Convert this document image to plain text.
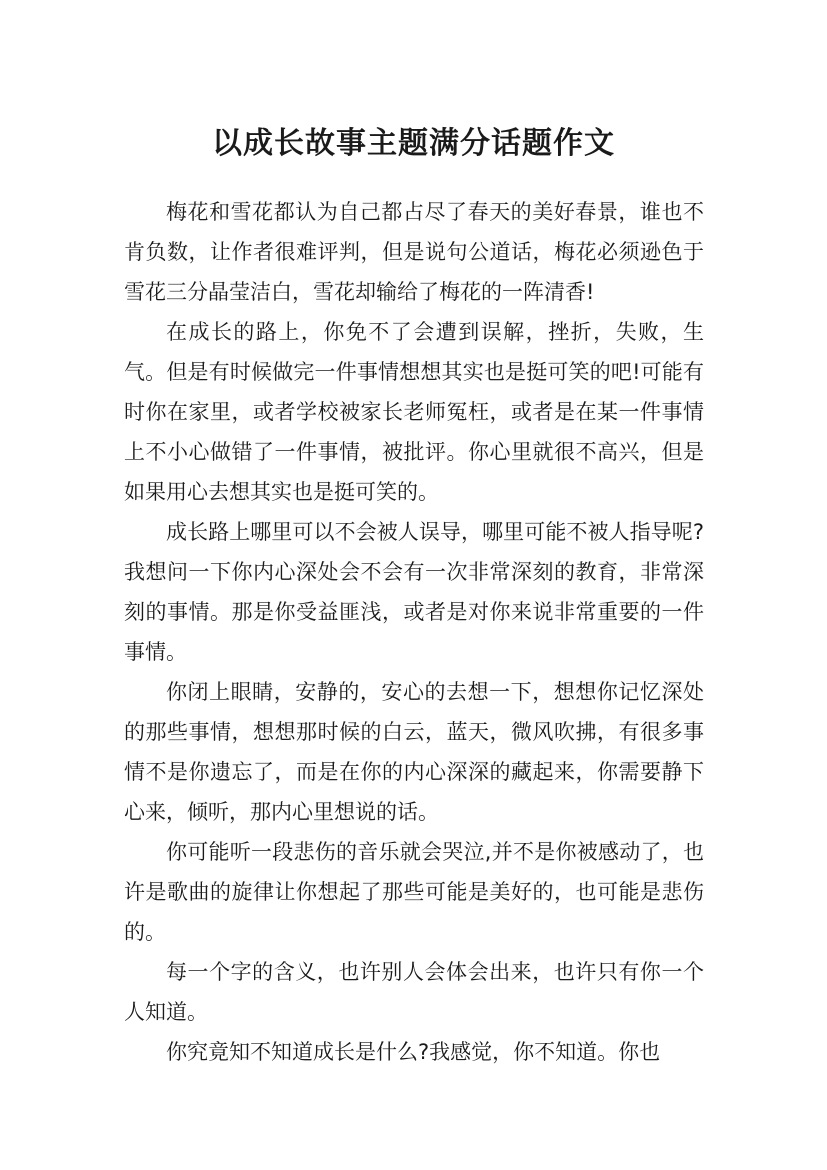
以成长故事主题满分话题作文

梅花和雪花都认为自己都占尽了春天的美好春景，谁也不肯负数，让作者很难评判，但是说句公道话，梅花必须逊色于雪花三分晶莹洁白，雪花却输给了梅花的一阵清香!

在成长的路上，你免不了会遭到误解，挫折，失败，生气。但是有时候做完一件事情想想其实也是挺可笑的吧!可能有时你在家里，或者学校被家长老师冤枉，或者是在某一件事情上不小心做错了一件事情，被批评。你心里就很不高兴，但是如果用心去想其实也是挺可笑的。

成长路上哪里可以不会被人误导，哪里可能不被人指导呢?我想问一下你内心深处会不会有一次非常深刻的教育，非常深刻的事情。那是你受益匪浅，或者是对你来说非常重要的一件事情。

你闭上眼睛，安静的，安心的去想一下，想想你记忆深处的那些事情，想想那时候的白云，蓝天，微风吹拂，有很多事情不是你遗忘了，而是在你的内心深深的藏起来，你需要静下心来，倾听，那内心里想说的话。

你可能听一段悲伤的音乐就会哭泣,并不是你被感动了，也许是歌曲的旋律让你想起了那些可能是美好的，也可能是悲伤的。

每一个字的含义，也许别人会体会出来，也许只有你一个人知道。

你究竟知不知道成长是什么?我感觉，你不知道。你也
